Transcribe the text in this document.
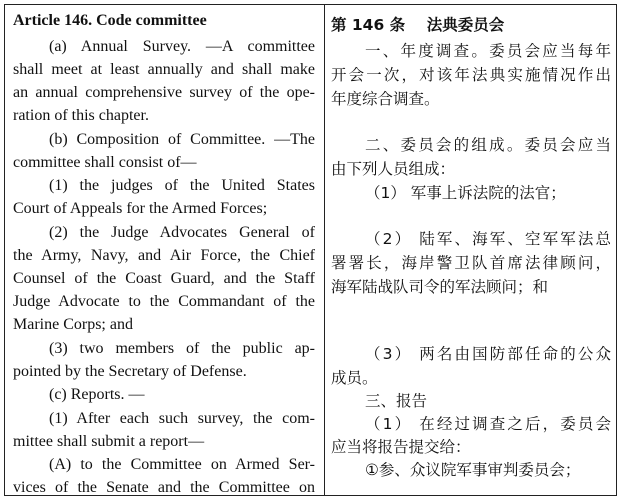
Article 146. Code committee
(a) Annual Survey. —A committee
shall meet at least annually and shall make
an annual comprehensive survey of the ope-
ration of this chapter.
(b) Composition of Committee. —The
committee shall consist of—
(1) the judges of the United States
Court of Appeals for the Armed Forces;
(2) the Judge Advocates General of
the Army, Navy, and Air Force, the Chief
Counsel of the Coast Guard, and the Staff
Judge Advocate to the Commandant of the
Marine Corps; and
(3) two members of the public ap-
pointed by the Secretary of Defense.
(c) Reports. —
(1) After each such survey, the com-
mittee shall submit a report—
(A) to the Committee on Armed Ser-
vices of the Senate and the Committee on
第 146 条    法典委员会
一、年度调查。委员会应当每年
开会一次，对该年法典实施情况作出
年度综合调查。
二、委员会的组成。委员会应当
由下列人员组成：
（1） 军事上诉法院的法官；
（2） 陆军、海军、空军军法总
署署长，海岸警卫队首席法律顾问，
海军陆战队司令的军法顾问；和
（3） 两名由国防部任命的公众
成员。
三、报告
（1） 在经过调查之后，委员会
应当将报告提交给：
①参、众议院军事审判委员会；
